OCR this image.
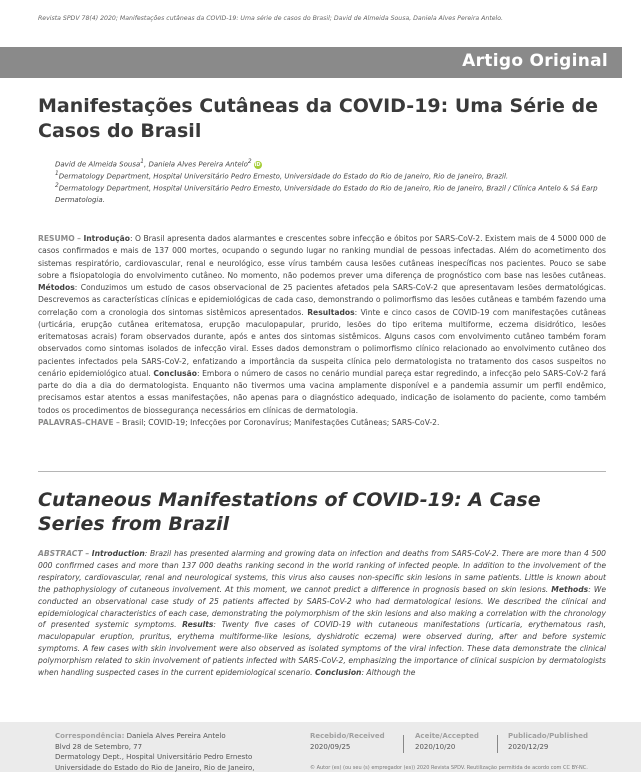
Revista SPDV 78(4) 2020; Manifestações cutâneas da COVID-19: Uma série de casos do Brasil; David de Almeida Sousa, Daniela Alves Pereira Antelo.
Artigo Original
Manifestações Cutâneas da COVID-19: Uma Série de Casos do Brasil
David de Almeida Sousa$^1$, Daniela Alves Pereira Antelo$^2$iD
$^1$Dermatology Department, Hospital Universitário Pedro Ernesto, Universidade do Estado do Rio de Janeiro, Rio de Janeiro, Brazil.
$^2$Dermatology Department, Hospital Universitário Pedro Ernesto, Universidade do Estado do Rio de Janeiro, Rio de Janeiro, Brazil / Clínica Antelo & Sá Earp Dermatologia.
RESUMO – Introdução: O Brasil apresenta dados alarmantes e crescentes sobre infecção e óbitos por SARS-CoV-2. Existem mais de 4 5000 000 de casos confirmados e mais de 137 000 mortes, ocupando o segundo lugar no ranking mundial de pessoas infectadas. Além do acometimento dos sistemas respiratório, cardiovascular, renal e neurológico, esse vírus também causa lesões cutâneas inespecíficas nos pacientes. Pouco se sabe sobre a fisiopatologia do envolvimento cutâneo. No momento, não podemos prever uma diferença de prognóstico com base nas lesões cutâneas. Métodos: Conduzimos um estudo de casos observacional de 25 pacientes afetados pela SARS-CoV-2 que apresentavam lesões dermatológicas. Descrevemos as características clínicas e epidemiológicas de cada caso, demonstrando o polimorfismo das lesões cutâneas e também fazendo uma correlação com a cronologia dos sintomas sistêmicos apresentados. Resultados: Vinte e cinco casos de COVID-19 com manifestações cutâneas (urticária, erupção cutânea eritematosa, erupção maculopapular, prurido, lesões do tipo eritema multiforme, eczema disidrótico, lesões eritematosas acrais) foram observados durante, após e antes dos sintomas sistêmicos. Alguns casos com envolvimento cutâneo também foram observados como sintomas isolados de infecção viral. Esses dados demonstram o polimorfismo clínico relacionado ao envolvimento cutâneo dos pacientes infectados pela SARS-CoV-2, enfatizando a importância da suspeita clínica pelo dermatologista no tratamento dos casos suspeitos no cenário epidemiológico atual. Conclusão: Embora o número de casos no cenário mundial pareça estar regredindo, a infecção pelo SARS-CoV-2 fará parte do dia a dia do dermatologista. Enquanto não tivermos uma vacina amplamente disponível e a pandemia assumir um perfil endêmico, precisamos estar atentos a essas manifestações, não apenas para o diagnóstico adequado, indicação de isolamento do paciente, como também todos os procedimentos de biossegurança necessários em clínicas de dermatologia.
PALAVRAS-CHAVE – Brasil; COVID-19; Infecções por Coronavírus; Manifestações Cutâneas; SARS-CoV-2.
Cutaneous Manifestations of COVID-19: A Case Series from Brazil
ABSTRACT – Introduction: Brazil has presented alarming and growing data on infection and deaths from SARS-CoV-2. There are more than 4 500 000 confirmed cases and more than 137 000 deaths ranking second in the world ranking of infected people. In addition to the involvement of the respiratory, cardiovascular, renal and neurological systems, this virus also causes non-specific skin lesions in same patients. Little is known about the pathophysiology of cutaneous involvement. At this moment, we cannot predict a difference in prognosis based on skin lesions. Methods: We conducted an observational case study of 25 patients affected by SARS-CoV-2 who had dermatological lesions. We described the clinical and epidemiological characteristics of each case, demonstrating the polymorphism of the skin lesions and also making a correlation with the chronology of presented systemic symptoms. Results: Twenty five cases of COVID-19 with cutaneous manifestations (urticaria, erythematous rash, maculopapular eruption, pruritus, erythema multiforme-like lesions, dyshidrotic eczema) were observed during, after and before systemic symptoms. A few cases with skin involvement were also observed as isolated symptoms of the viral infection. These data demonstrate the clinical polymorphism related to skin involvement of patients infected with SARS-CoV-2, emphasizing the importance of clinical suspicion by dermatologists when handling suspected cases in the current epidemiological scenario. Conclusion: Although the
Correspondência: Daniela Alves Pereira Antelo
Blvd 28 de Setembro, 77
Dermatology Dept., Hospital Universitário Pedro Ernesto
Universidade do Estado do Rio de Janeiro, Rio de Janeiro,
Recebido/Received
2020/09/25
Aceite/Accepted
2020/10/20
Publicado/Published
2020/12/29
© Autor (es) (ou seu (s) empregador (es)) 2020 Revista SPDV. Reutilização permitida de acordo com CC BY-NC.
